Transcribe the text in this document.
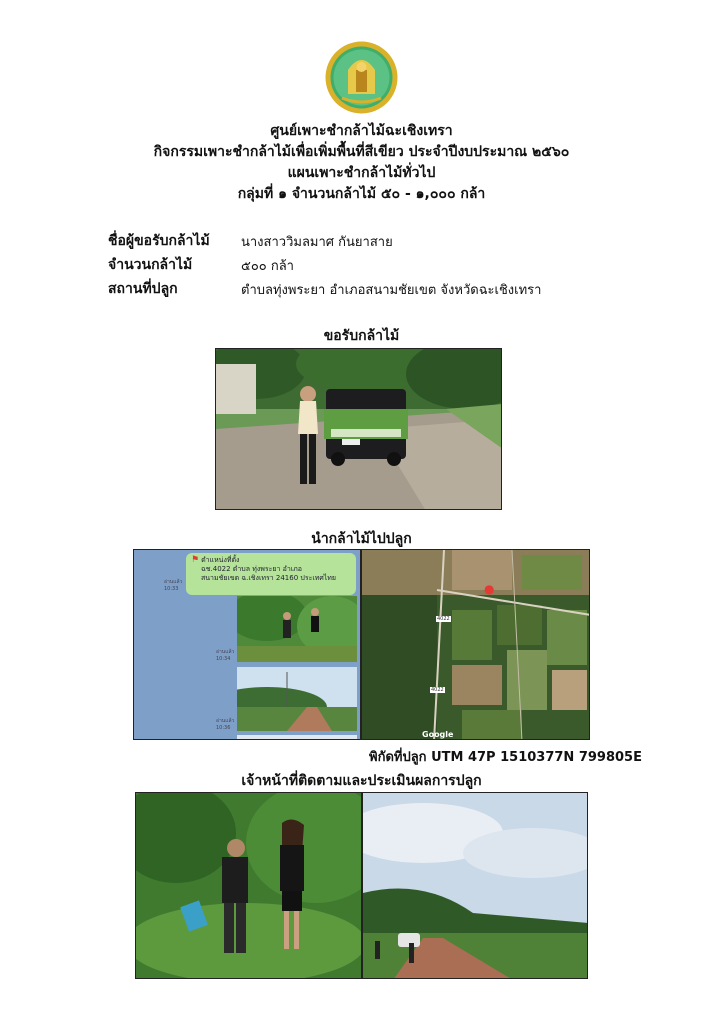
ศูนย์เพาะชำกล้าไม้ฉะเชิงเทรา
กิจกรรมเพาะชำกล้าไม้เพื่อเพิ่มพื้นที่สีเขียว ประจำปีงบประมาณ ๒๕๖๐
แผนเพาะชำกล้าไม้ทั่วไป
กลุ่มที่ ๑ จำนวนกล้าไม้ ๕๐ - ๑,๐๐๐ กล้า
ชื่อผู้ขอรับกล้าไม้ นางสาววิมลมาศ กันยาสาย
จำนวนกล้าไม้	๕๐๐ กล้า
สถานที่ปลูก	ตำบลทุ่งพระยา อำเภอสนามชัยเขต จังหวัดฉะเชิงเทรา
ขอรับกล้าไม้
นำกล้าไม้ไปปลูก
⚑ ตำแหน่งที่ตั้ง
ฉช.4022 ตำบล ทุ่งพระยา อำเภอ
สนามชัยเขต ฉ.เชิงเทรา 24160 ประเทศไทย
อ่านแล้ว 10:33
อ่านแล้ว 10:34
อ่านแล้ว 10:36
●
4022
4022
Google
พิกัดที่ปลูก UTM 47P 1510377N 799805E
เจ้าหน้าที่ติดตามและประเมินผลการปลูก
